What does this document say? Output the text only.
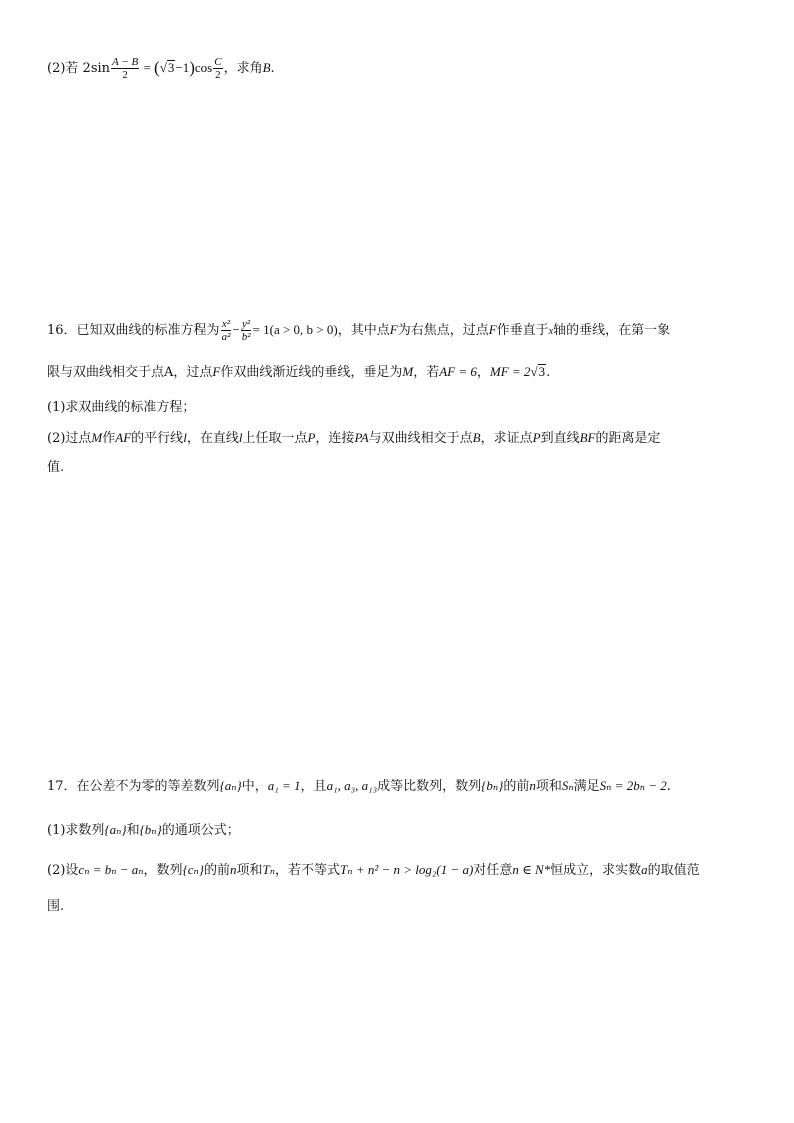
(2)若 $2\sin \frac{A - B}{2} = (√3-1)\cos \frac{C}{2}$ ，求角B.
16．已知双曲线的标准方程为 $\frac{\text{x²}}{\text{a²}} - \frac{\text{y²}}{\text{b²}} = 1(a > 0$, b > 0)，其中点F为右焦点，过点F作垂直于x轴的垂线，在第一象
限与双曲线相交于点A，过点F作双曲线渐近线的垂线，垂足为M，若AF = 6，MF = 2√3.
(1)求双曲线的标准方程；
(2)过点M作AF的平行线l，在直线l上任取一点P，连接PA与双曲线相交于点B，求证点P到直线BF的距离是定
值.
17．在公差不为零的等差数列{aₙ}中，a₁ = 1，且a₁, a₃, a₁₃成等比数列，数列{bₙ}的前n项和Sₙ满足Sₙ = 2bₙ − 2.
(1)求数列{aₙ}和{bₙ}的通项公式；
(2)设cₙ = bₙ − aₙ，数列{cₙ}的前n项和Tₙ，若不等式Tₙ + n² − n > log₂(1 − a)对任意n ∈ N*恒成立，求实数a的取值范
围.
